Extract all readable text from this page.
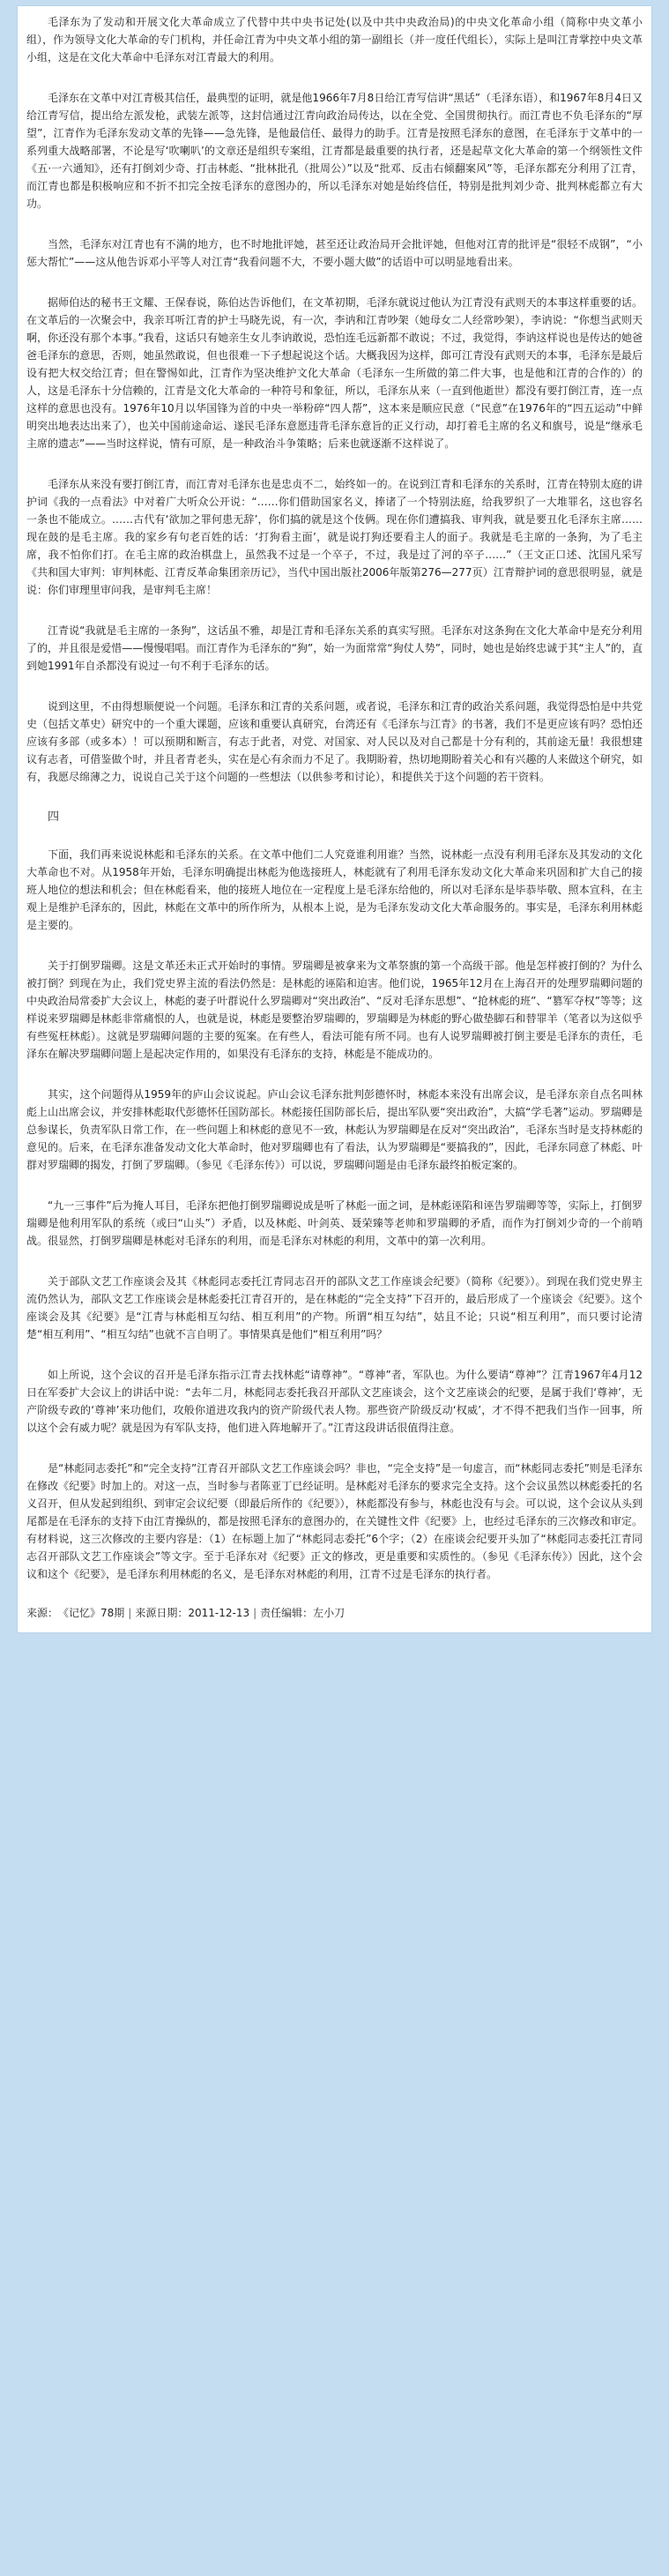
毛泽东为了发动和开展文化大革命成立了代替中共中央书记处(以及中共中央政治局)的中央文化革命小组（简称中央文革小组），作为领导文化大革命的专门机构，并任命江青为中央文革小组的第一副组长（并一度任代组长），实际上是叫江青掌控中央文革小组，这是在文化大革命中毛泽东对江青最大的利用。

毛泽东在文革中对江青极其信任，最典型的证明，就是他1966年7月8日给江青写信讲“黑话”（毛泽东语），和1967年8月4日又给江青写信，提出给左派发枪，武装左派等，这封信通过江青向政治局传达，以在全党、全国贯彻执行。而江青也不负毛泽东的“厚望”，江青作为毛泽东发动文革的先锋——急先锋，是他最信任、最得力的助手。江青是按照毛泽东的意图，在毛泽东于文革中的一系列重大战略部署，不论是写‘吹喇叭’的文章还是组织专案组，江青都是最重要的执行者，还是起草文化大革命的第一个纲领性文件《五·一六通知》，还有打倒刘少奇、打击林彪、“批林批孔（批周公）”以及“批邓、反击右倾翻案风”等，毛泽东都充分利用了江青，而江青也都是积极响应和不折不扣完全按毛泽东的意图办的，所以毛泽东对她是始终信任，特别是批判刘少奇、批判林彪都立有大功。

当然，毛泽东对江青也有不满的地方，也不时地批评她，甚至还让政治局开会批评她，但他对江青的批评是“很轻不成钢”，“小惩大帮忙”——这从他告诉邓小平等人对江青“我看问题不大，不要小题大做”的话语中可以明显地看出来。

据师伯达的秘书王文耀、王保春说，陈伯达告诉他们，在文革初期，毛泽东就说过他认为江青没有武则天的本事这样重要的话。在文革后的一次聚会中，我亲耳听江青的护士马晓先说，有一次，李讷和江青吵架（她母女二人经常吵架），李讷说：“你想当武则天啊，你还没有那个本事。”我看，这话只有她亲生女儿李讷敢说，恐怕连毛远新都不敢说；不过，我觉得，李讷这样说也是传达的她爸爸毛泽东的意思，否则，她虽然敢说，但也很难一下子想起说这个话。大概我因为这样，郎可江青没有武则天的本事，毛泽东是最后设有把大权交给江青；但在警惕如此，江青作为坚决维护文化大革命（毛泽东一生所做的第二件大事，也是他和江青的合作的）的人，这是毛泽东十分信赖的，江青是文化大革命的一种符号和象征，所以，毛泽东从来（一直到他逝世）都没有要打倒江青，连一点这样的意思也没有。1976年10月以华国锋为首的中央一举粉碎“四人帮”，这本来是顺应民意（“民意”在1976年的“四五运动”中鲜明突出地表达出来了），也关中国前途命运、遂民毛泽东意愿违背毛泽东意旨的正义行动，却打着毛主席的名义和旗号，说是“继承毛主席的遗志”——当时这样说，情有可原，是一种政治斗争策略；后来也就逐渐不这样说了。

毛泽东从来没有要打倒江青，而江青对毛泽东也是忠贞不二，始终如一的。在说到江青和毛泽东的关系时，江青在特别太庭的讲护词《我的一点看法》中对着广大听众公开说：“……你们借助国家名义，捧诸了一个特别法庭，给我罗织了一大堆罪名，这也容名一条也不能成立。……古代有‘欲加之罪何患无辞’，你们搞的就是这个伎俩。现在你们遭搞我、审判我，就是要丑化毛泽东主席……现在鼓的是毛主席。我的家乡有句老百姓的话：‘打狗看主面’，就是说打狗还要看主人的面子。我就是毛主席的一条狗，为了毛主席，我不怕你们打。在毛主席的政治棋盘上，虽然我不过是一个卒子，不过，我是过了河的卒子……”（王文正口述、沈国凡采写《共和国大审判：审判林彪、江青反革命集团亲历记》，当代中国出版社2006年版第276—277页）江青辩护词的意思很明显，就是说：你们审理里审问我，是审判毛主席！

江青说“我就是毛主席的一条狗”，这话虽不雅，却是江青和毛泽东关系的真实写照。毛泽东对这条狗在文化大革命中是充分利用了的，并且很是爱惜——慢慢唱唱。而江青作为毛泽东的“狗”，始一为面常常“狗仗人势”，同时，她也是始终忠诚于其“主人”的，直到她1991年自杀都没有说过一句不利于毛泽东的话。

说到这里，不由得想顺便说一个问题。毛泽东和江青的关系问题，或者说，毛泽东和江青的政治关系问题，我觉得恐怕是中共党史（包括文革史）研究中的一个重大课题，应该和重要认真研究，台湾还有《毛泽东与江青》的书著，我们不是更应该有吗？恐怕还应该有多部（或多本）！可以预期和断言，有志于此者，对党、对国家、对人民以及对自己都是十分有利的，其前途无量！我很想建议有志者，可借鉴做个时，并且者青老头，实在是心有余而力不足了。我期盼着，热切地期盼着关心和有兴趣的人来做这个研究，如有，我愿尽绵薄之力，说说自己关于这个问题的一些想法（以供参考和讨论），和提供关于这个问题的若干资料。

四

下面，我们再来说说林彪和毛泽东的关系。在文革中他们二人究竟谁利用谁？当然，说林彪一点没有利用毛泽东及其发动的文化大革命也不对。从1958年开始，毛泽东明确提出林彪为他选接班人，林彪就有了利用毛泽东发动文化大革命来巩固和扩大自己的接班人地位的想法和机会；但在林彪看来，他的接班人地位在一定程度上是毛泽东给他的，所以对毛泽东是毕恭毕敬、照本宣科，在主观上是维护毛泽东的，因此，林彪在文革中的所作所为，从根本上说，是为毛泽东发动文化大革命服务的。事实是，毛泽东利用林彪是主要的。

关于打倒罗瑞卿。这是文革还未正式开始时的事情。罗瑞卿是被拿来为文革祭旗的第一个高级干部。他是怎样被打倒的？为什么被打倒？到现在为止，我们党史界主流的看法仍然是：是林彪的诬陷和迫害。他们说，1965年12月在上海召开的处理罗瑞卿问题的中央政治局常委扩大会议上，林彪的妻子叶群说什么罗瑞卿对“突出政治”、“反对毛泽东思想”、“抢林彪的班”、“篡军夺权”等等；这样说来罗瑞卿是林彪非常痛恨的人，也就是说，林彪是要整治罗瑞卿的，罗瑞卿是为林彪的野心做垫脚石和替罪羊（笔者以为这似乎有些冤枉林彪）。这就是罗瑞卿问题的主要的冤案。在有些人，看法可能有所不同。也有人说罗瑞卿被打倒主要是毛泽东的责任，毛泽东在解决罗瑞卿问题上是起决定作用的，如果没有毛泽东的支持，林彪是不能成功的。

其实，这个问题得从1959年的庐山会议说起。庐山会议毛泽东批判彭德怀时，林彪本来没有出席会议，是毛泽东亲自点名叫林彪上山出席会议，并安排林彪取代彭德怀任国防部长。林彪接任国防部长后，提出军队要“突出政治”，大搞“学毛著”运动。罗瑞卿是总参谋长，负责军队日常工作，在一些问题上和林彪的意见不一致，林彪认为罗瑞卿是在反对“突出政治”，毛泽东当时是支持林彪的意见的。后来，在毛泽东准备发动文化大革命时，他对罗瑞卿也有了看法，认为罗瑞卿是“要搞我的”，因此，毛泽东同意了林彪、叶群对罗瑞卿的揭发，打倒了罗瑞卿。（参见《毛泽东传》）可以说，罗瑞卿问题是由毛泽东最终拍板定案的。

“九一三事件”后为掩人耳目，毛泽东把他打倒罗瑞卿说成是听了林彪一面之词，是林彪诬陷和诬告罗瑞卿等等，实际上，打倒罗瑞卿是他利用军队的系统（或曰“山头”）矛盾，以及林彪、叶剑英、聂荣臻等老帅和罗瑞卿的矛盾，而作为打倒刘少奇的一个前哨战。很显然，打倒罗瑞卿是林彪对毛泽东的利用，而是毛泽东对林彪的利用，文革中的第一次利用。

关于部队文艺工作座谈会及其《林彪同志委托江青同志召开的部队文艺工作座谈会纪要》（简称《纪要》）。到现在我们党史界主流仍然认为，部队文艺工作座谈会是林彪委托江青召开的，是在林彪的“完全支持”下召开的，最后形成了一个座谈会《纪要》。这个座谈会及其《纪要》是“江青与林彪相互勾结、相互利用”的产物。所谓“相互勾结”，姑且不论；只说“相互利用”，而只要讨论清楚“相互利用”、“相互勾结”也就不言自明了。事情果真是他们“相互利用”吗？

如上所说，这个会议的召开是毛泽东指示江青去找林彪“请尊神”。“尊神”者，军队也。为什么要请“尊神”？江青1967年4月12日在军委扩大会议上的讲话中说：“去年二月，林彪同志委托我召开部队文艺座谈会，这个文艺座谈会的纪要，是属于我们‘尊神’，无产阶级专政的‘尊神’来功他们，攻般你道进攻我内的资产阶级代表人物。那些资产阶级反动‘权威’，才不得不把我们当作一回事，所以这个会有威力呢？就是因为有军队支持，他们进入阵地解开了。”江青这段讲话很值得注意。

是“林彪同志委托”和“完全支持”江青召开部队文艺工作座谈会吗？非也，“完全支持”是一句虚言，而“林彪同志委托”则是毛泽东在修改《纪要》时加上的。对这一点，当时参与者陈亚丁已经证明。是林彪对毛泽东的要求完全支持。这个会议虽然以林彪委托的名义召开，但从发起到组织、到审定会议纪要（即最后所作的《纪要》），林彪都没有参与，林彪也没有与会。可以说，这个会议从头到尾都是在毛泽东的支持下由江青操纵的，都是按照毛泽东的意图办的，在关键性文件《纪要》上，也经过毛泽东的三次修改和审定。有材料说，这三次修改的主要内容是：（1）在标题上加了“林彪同志委托”6个字；（2）在座谈会纪要开头加了“林彪同志委托江青同志召开部队文艺工作座谈会”等文字。至于毛泽东对《纪要》正文的修改，更是重要和实质性的。（参见《毛泽东传》）因此，这个会议和这个《纪要》，是毛泽东利用林彪的名义，是毛泽东对林彪的利用，江青不过是毛泽东的执行者。

来源： 《记忆》78期 | 来源日期： 2011-12-13 | 责任编辑： 左小刀
